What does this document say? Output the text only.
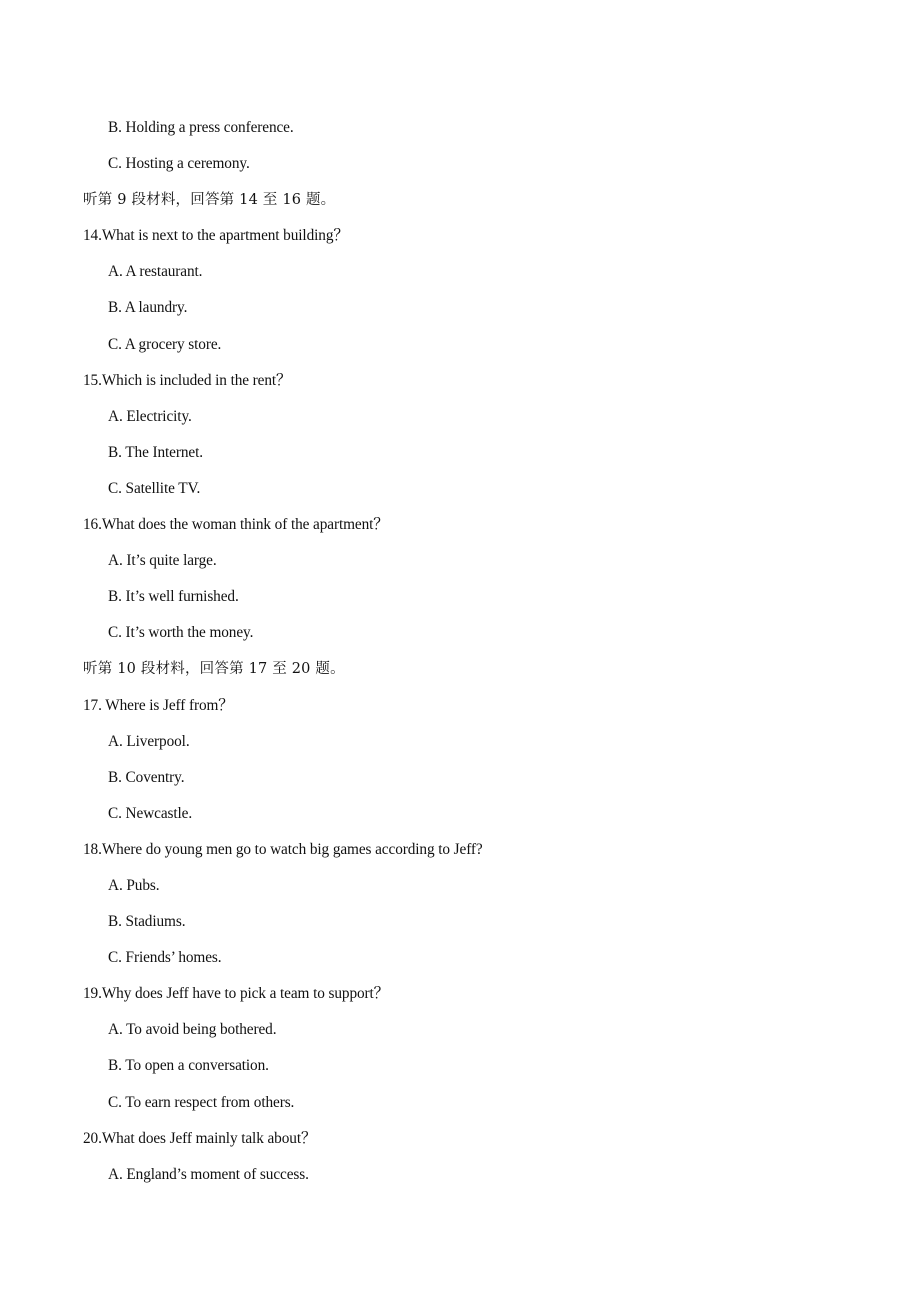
B. Holding a press conference.
C. Hosting a ceremony.
听第 9 段材料，回答第 14 至 16 题。
14.What is next to the apartment building？
A. A restaurant.
B. A laundry.
C. A grocery store.
15.Which is included in the rent？
A. Electricity.
B. The Internet.
C. Satellite TV.
16.What does the woman think of the apartment？
A. It’s quite large.
B. It’s well furnished.
C. It’s worth the money.
听第 10 段材料，回答第 17 至 20 题。
17. Where is Jeff from？
A. Liverpool.
B. Coventry.
C. Newcastle.
18.Where do young men go to watch big games according to Jeff?
A. Pubs.
B. Stadiums.
C. Friends’ homes.
19.Why does Jeff have to pick a team to support？
A. To avoid being bothered.
B. To open a conversation.
C. To earn respect from others.
20.What does Jeff mainly talk about？
A. England’s moment of success.
